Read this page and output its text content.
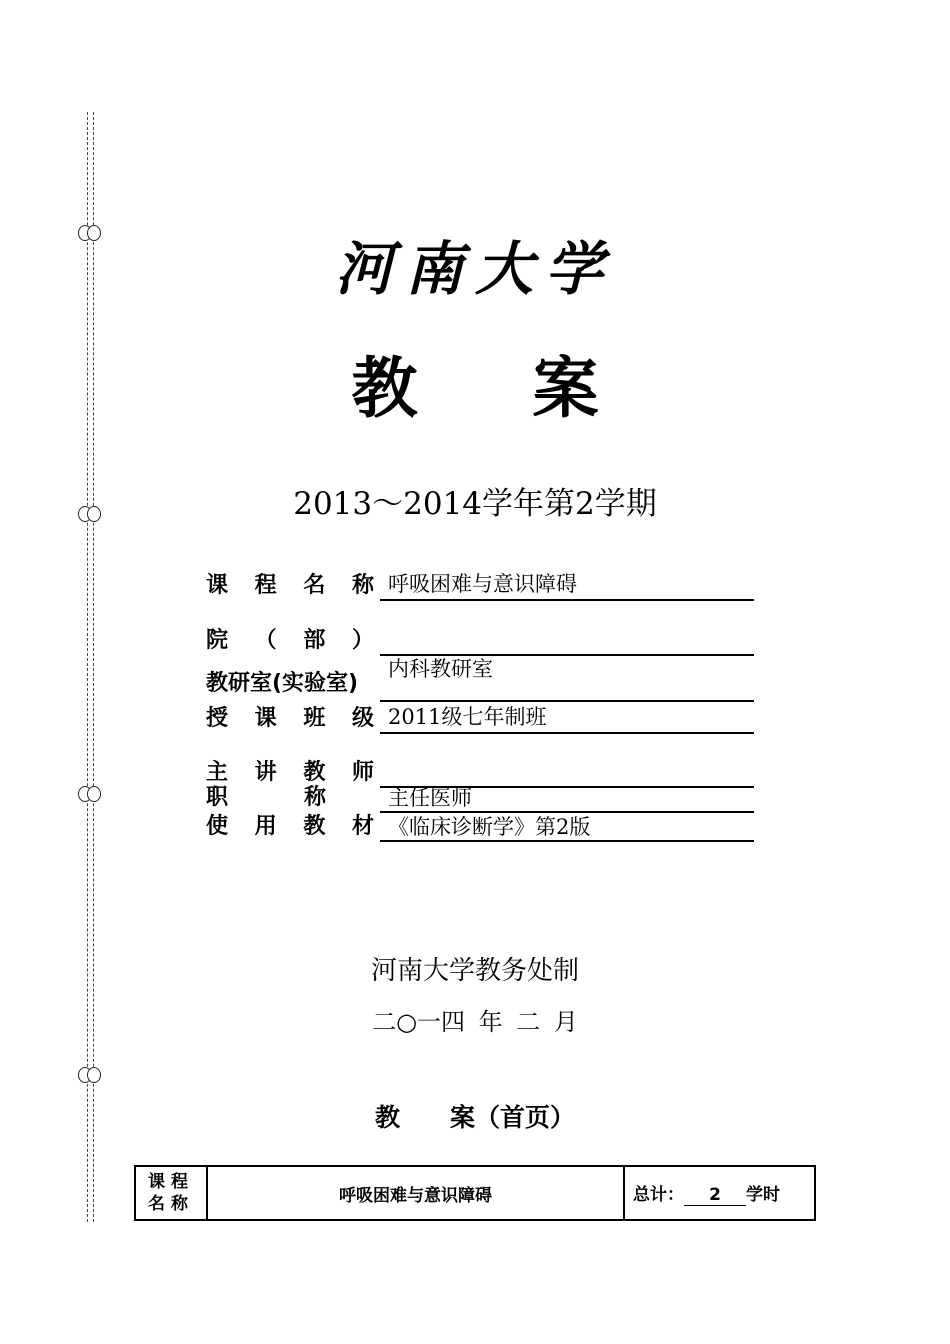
河南大学
教 案
2013～2014学年第2学期
课 程 名 称 呼吸困难与意识障碍
院 （ 部 ）
教研室(实验室)
内科教研室
授 课 班 级 2011级七年制班
主 讲 教 师
职	称	主任医师
使 用 教 材 《临床诊断学》第2版
河南大学教务处制
二○一四 年 二 月
教　　案（首页）
课程
名称	呼吸困难与意识障碍	总计： 2 学时
